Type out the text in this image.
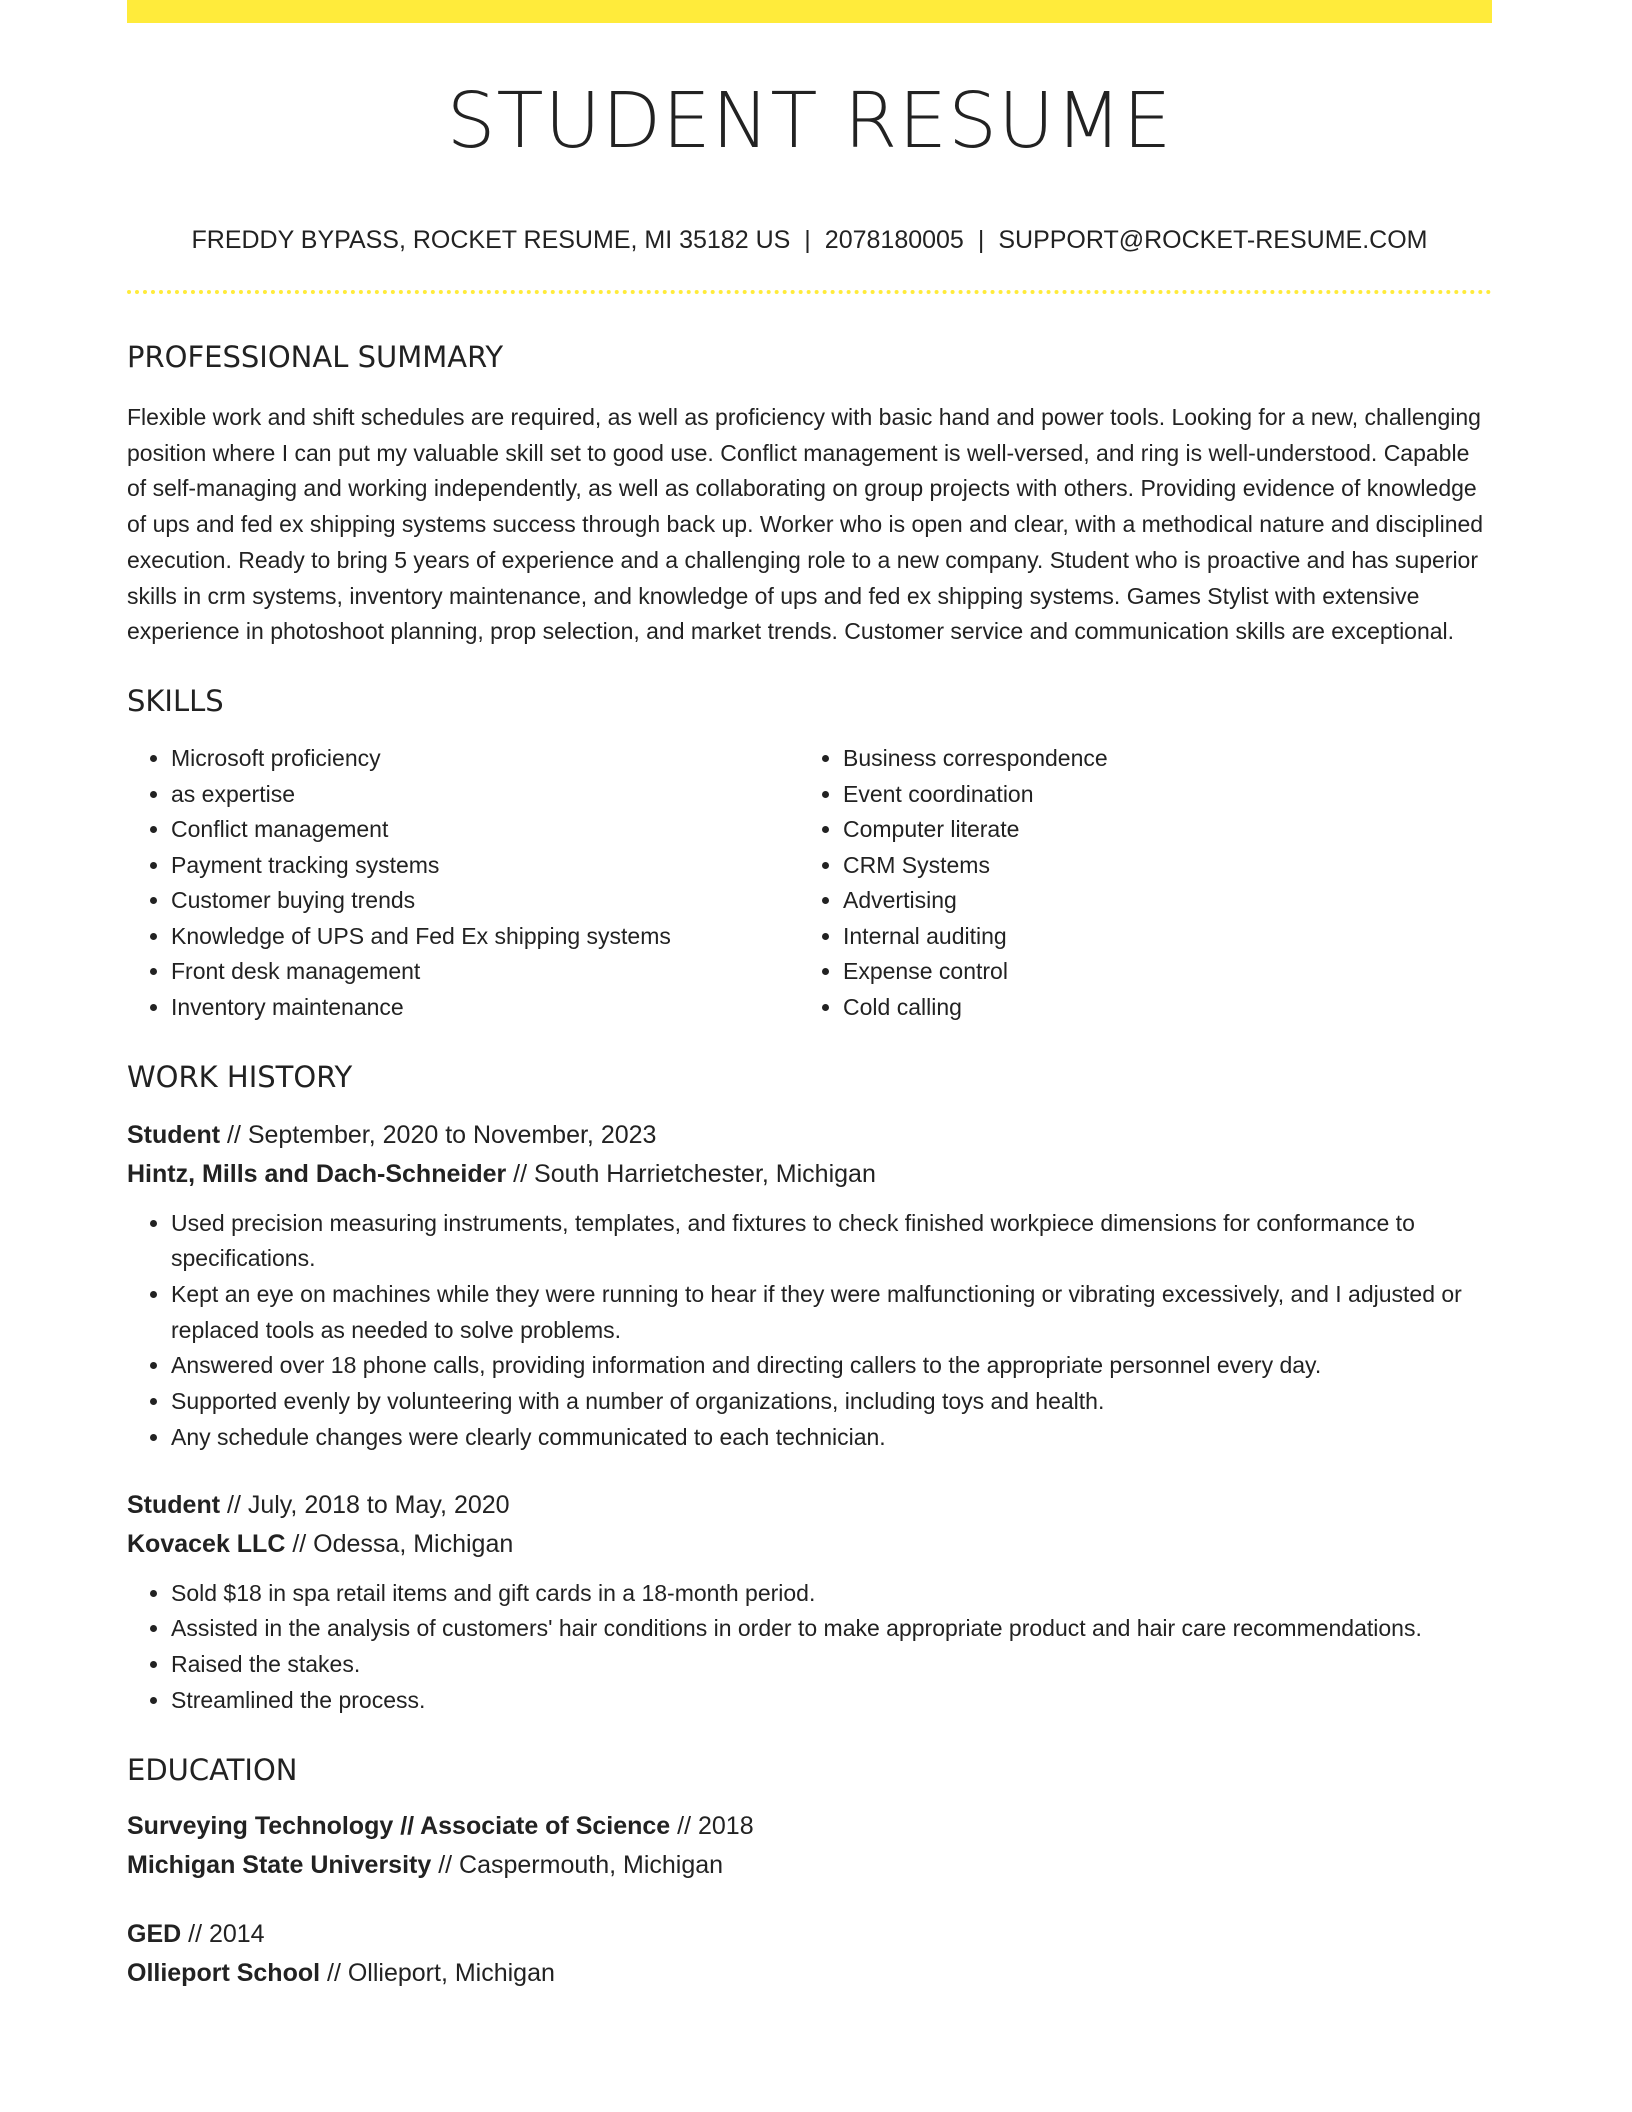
STUDENT RESUME
FREDDY BYPASS, ROCKET RESUME, MI 35182 US | 2078180005 | SUPPORT@ROCKET-RESUME.COM
PROFESSIONAL SUMMARY

Flexible work and shift schedules are required, as well as proficiency with basic hand and power tools. Looking for a new, challenging position where I can put my valuable skill set to good use. Conflict management is well-versed, and ring is well-understood. Capable of self-managing and working independently, as well as collaborating on group projects with others. Providing evidence of knowledge of ups and fed ex shipping systems success through back up. Worker who is open and clear, with a methodical nature and disciplined execution. Ready to bring 5 years of experience and a challenging role to a new company. Student who is proactive and has superior skills in crm systems, inventory maintenance, and knowledge of ups and fed ex shipping systems. Games Stylist with extensive experience in photoshoot planning, prop selection, and market trends. Customer service and communication skills are exceptional.

SKILLS
• Microsoft proficiency
• as expertise
• Conflict management
• Payment tracking systems
• Customer buying trends
• Knowledge of UPS and Fed Ex shipping systems
• Front desk management
• Inventory maintenance
• Business correspondence
• Event coordination
• Computer literate
• CRM Systems
• Advertising
• Internal auditing
• Expense control
• Cold calling
WORK HISTORY

Student // September, 2020 to November, 2023

Hintz, Mills and Dach-Schneider // South Harrietchester, Michigan

• Used precision measuring instruments, templates, and fixtures to check finished workpiece dimensions for conformance to specifications.
• Kept an eye on machines while they were running to hear if they were malfunctioning or vibrating excessively, and I adjusted or replaced tools as needed to solve problems.
• Answered over 18 phone calls, providing information and directing callers to the appropriate personnel every day.
• Supported evenly by volunteering with a number of organizations, including toys and health.
• Any schedule changes were clearly communicated to each technician.

Student // July, 2018 to May, 2020

Kovacek LLC // Odessa, Michigan

• Sold $18 in spa retail items and gift cards in a 18-month period.
• Assisted in the analysis of customers' hair conditions in order to make appropriate product and hair care recommendations.
• Raised the stakes.
• Streamlined the process.
EDUCATION

Surveying Technology // Associate of Science // 2018

Michigan State University // Caspermouth, Michigan

GED // 2014

Ollieport School // Ollieport, Michigan
